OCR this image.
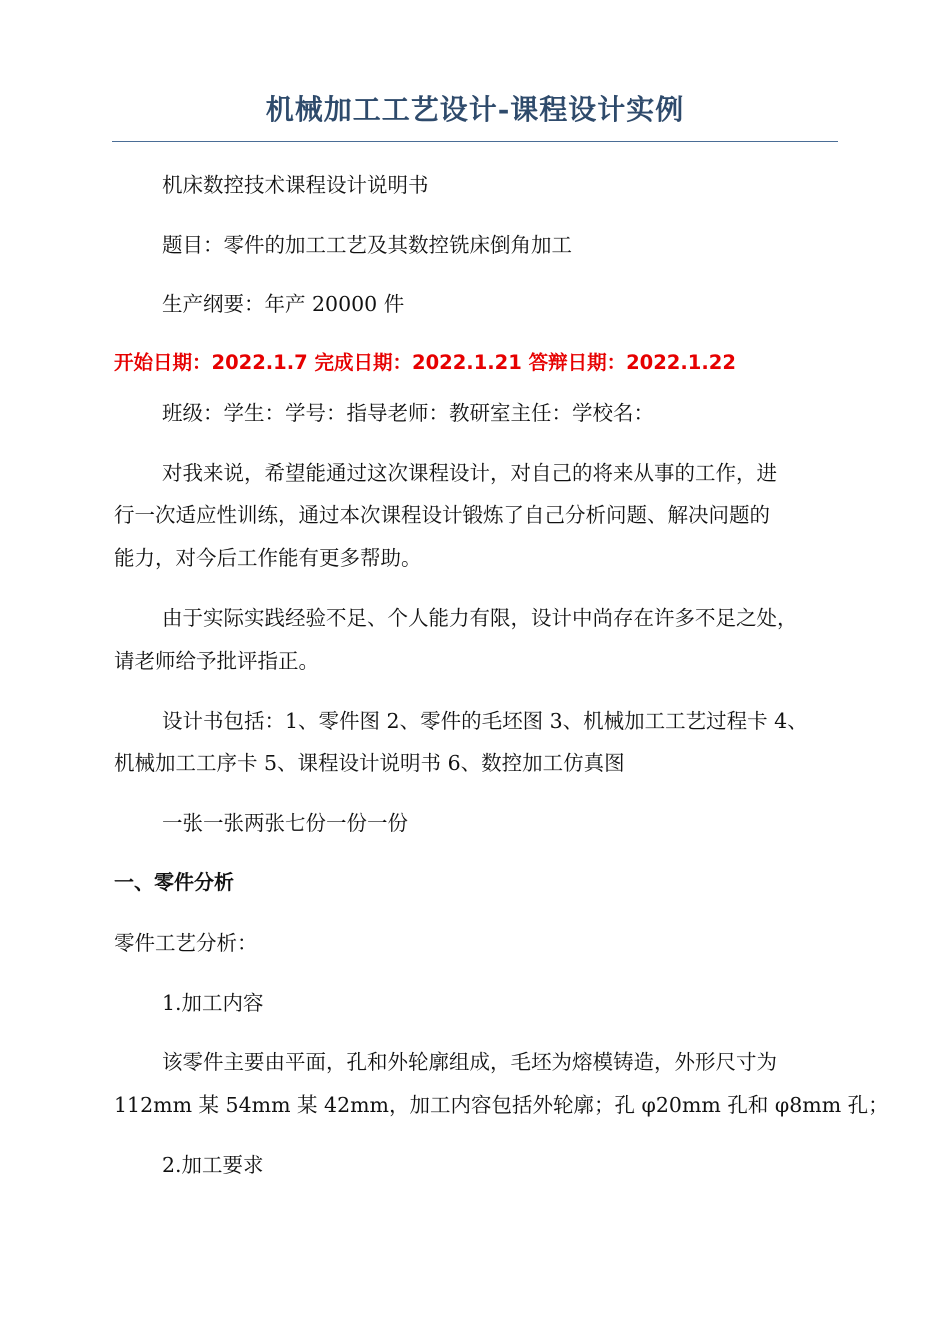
机械加工工艺设计-课程设计实例

机床数控技术课程设计说明书

题目：零件的加工工艺及其数控铣床倒角加工

生产纲要：年产 20000 件

开始日期：2022.1.7 完成日期：2022.1.21 答辩日期：2022.1.22

班级：学生：学号：指导老师：教研室主任：学校名：

对我来说，希望能通过这次课程设计，对自己的将来从事的工作，进

行一次适应性训练，通过本次课程设计锻炼了自己分析问题、解决问题的

能力，对今后工作能有更多帮助。

由于实际实践经验不足、个人能力有限，设计中尚存在许多不足之处，

请老师给予批评指正。

设计书包括：1、零件图 2、零件的毛坯图 3、机械加工工艺过程卡 4、

机械加工工序卡 5、课程设计说明书 6、数控加工仿真图

一张一张两张七份一份一份

一、零件分析

零件工艺分析：

1.加工内容

该零件主要由平面，孔和外轮廓组成，毛坯为熔模铸造，外形尺寸为

112mm 某 54mm 某 42mm，加工内容包括外轮廓；孔 φ20mm 孔和 φ8mm 孔；

2.加工要求
